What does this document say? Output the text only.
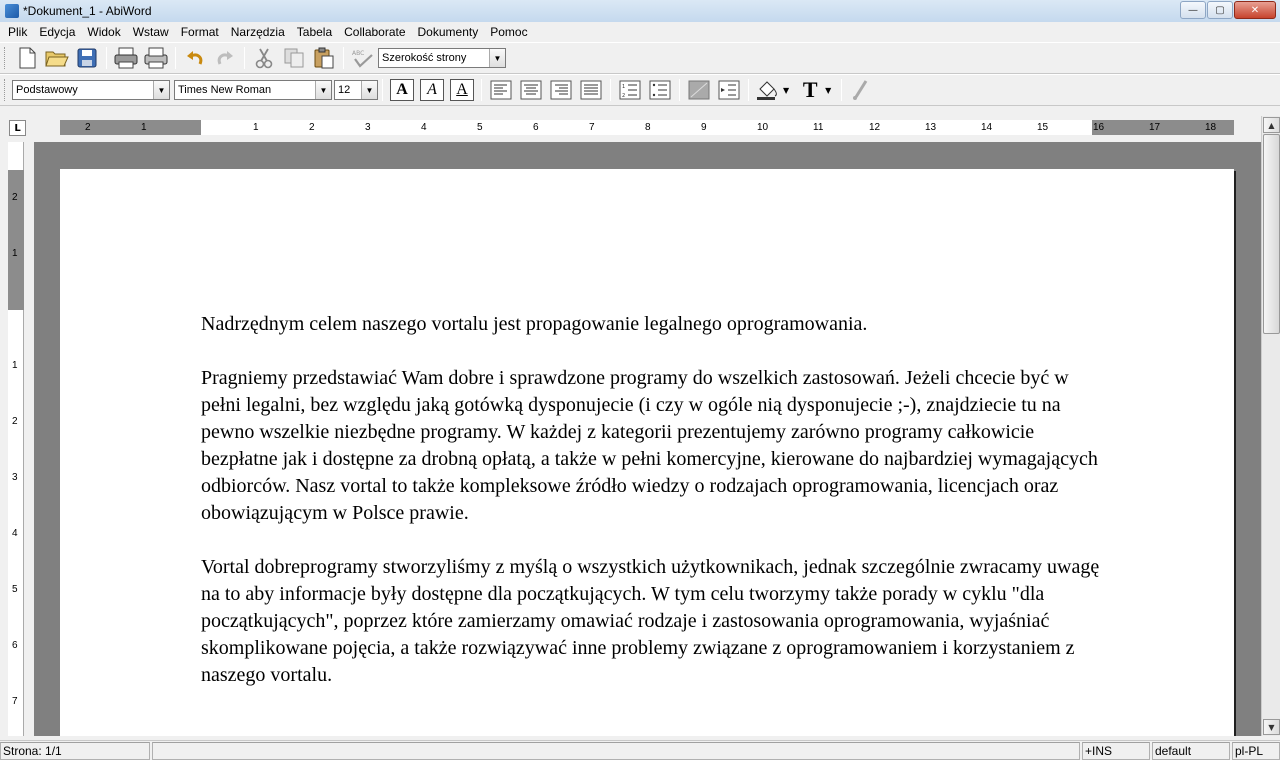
*Dokument_1 - AbiWord	—	▢	✕
Plik	Edycja	Widok	Wstaw	Format	Narzędzia	Tabela	Collaborate	Dokumenty	Pomoc
ABC Szerokość strony	▼
Podstawowy	▼	Times New Roman	▼ 12	▼	A	A	A	1
2
▼ T ▼
L	2	1	1	2	3	4	5	6	7	8	9	10	11	12	13	14	15	16	17	18
2
1
1
2
3
4
5
6
7

Nadrzędnym celem naszego vortalu jest propagowanie legalnego oprogramowania.

Pragniemy przedstawiać Wam dobre i sprawdzone programy do wszelkich zastosowań. Jeżeli chcecie być w pełni legalni, bez względu jaką gotówką dysponujecie (i czy w ogóle nią dysponujecie ;-), znajdziecie tu na pewno wszelkie niezbędne programy. W każdej z kategorii prezentujemy zarówno programy całkowicie bezpłatne jak i dostępne za drobną opłatą, a także w pełni komercyjne, kierowane do najbardziej wymagających odbiorców. Nasz vortal to także kompleksowe źródło wiedzy o rodzajach oprogramowania, licencjach oraz obowiązującym w Polsce prawie.

Vortal dobreprogramy stworzyliśmy z myślą o wszystkich użytkownikach, jednak szczególnie zwracamy uwagę na to aby informacje były dostępne dla początkujących. W tym celu tworzymy także porady w cyklu "dla początkujących", poprzez które zamierzamy omawiać rodzaje i zastosowania oprogramowania, wyjaśniać skomplikowane pojęcia, a także rozwiązywać inne problemy związane z oprogramowaniem i korzystaniem z naszego vortalu.

▲
▼
Strona: 1/1	+INS	default	pl-PL
